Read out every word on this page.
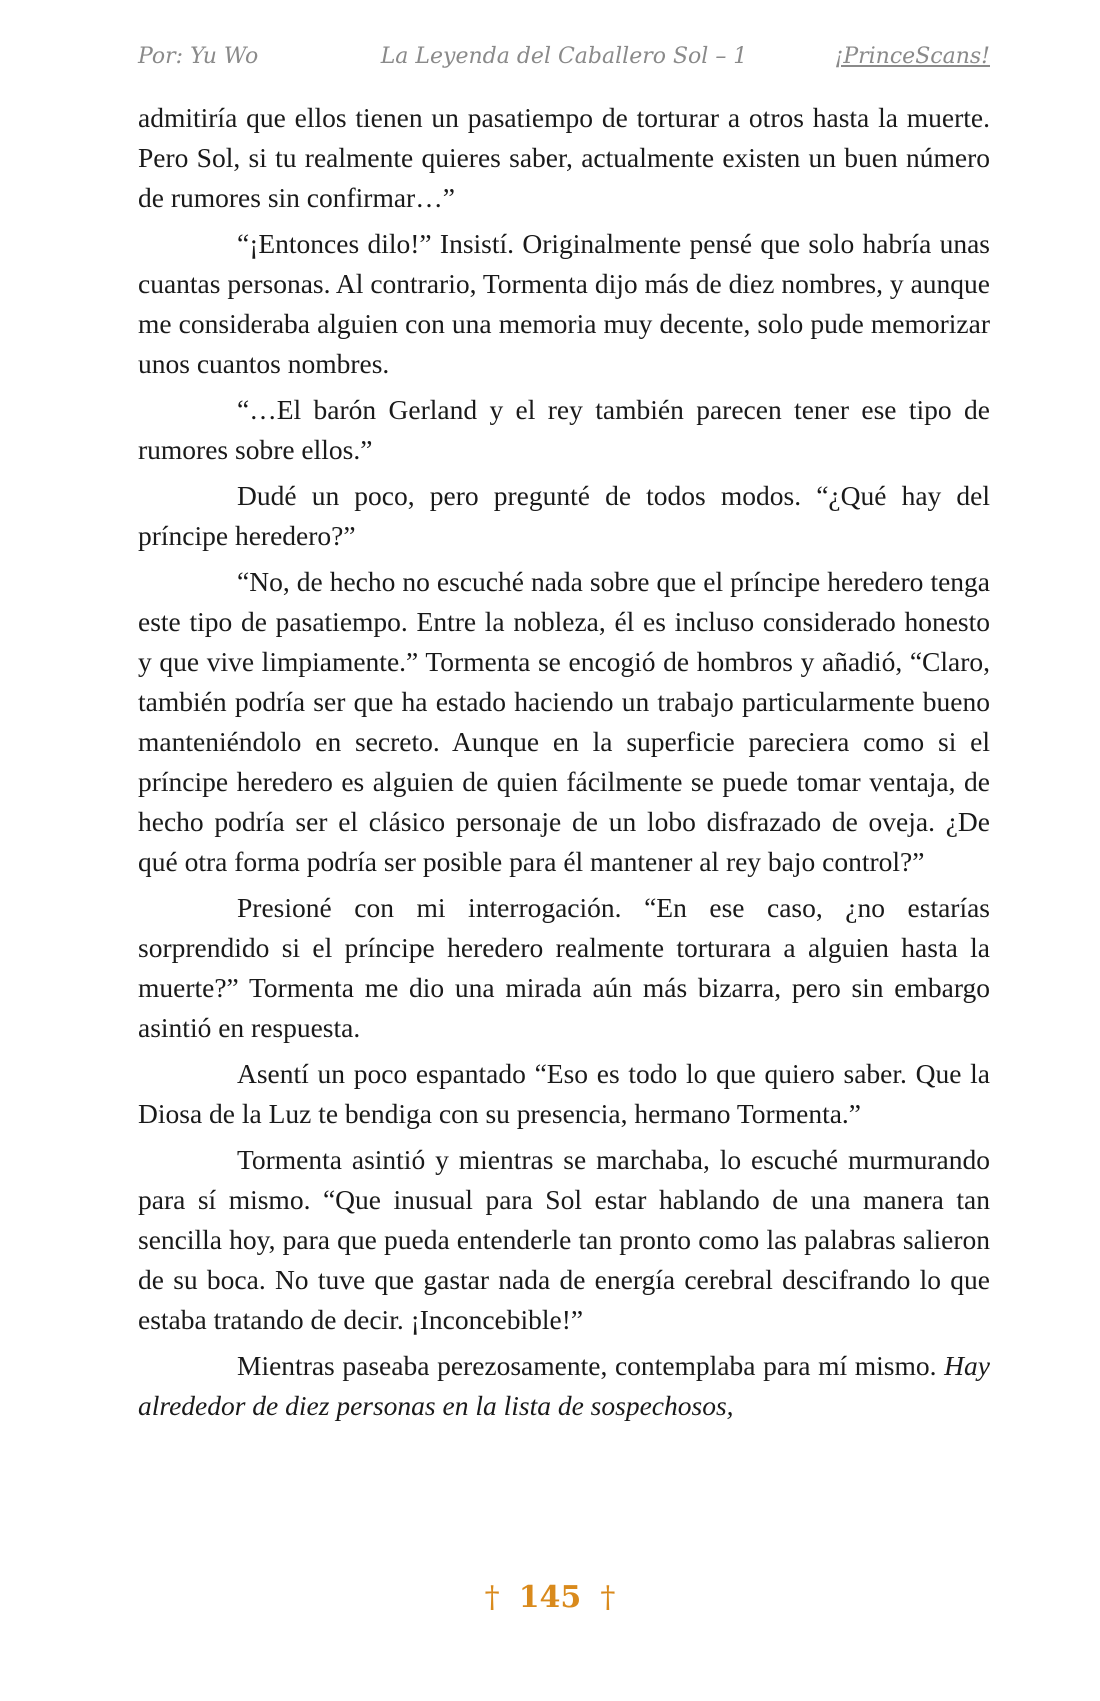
Por: Yu Wo	La Leyenda del Caballero Sol – 1	¡PrinceScans!

admitiría que ellos tienen un pasatiempo de torturar a otros hasta la muerte. Pero Sol, si tu realmente quieres saber, actualmente existen un buen número de rumores sin confirmar…”

“¡Entonces dilo!” Insistí. Originalmente pensé que solo habría unas cuantas personas. Al contrario, Tormenta dijo más de diez nombres, y aunque me consideraba alguien con una memoria muy decente, solo pude memorizar unos cuantos nombres.

“…El barón Gerland y el rey también parecen tener ese tipo de rumores sobre ellos.”

Dudé un poco, pero pregunté de todos modos. “¿Qué hay del príncipe heredero?”

“No, de hecho no escuché nada sobre que el príncipe heredero tenga este tipo de pasatiempo. Entre la nobleza, él es incluso considerado honesto y que vive limpiamente.” Tormenta se encogió de hombros y añadió, “Claro, también podría ser que ha estado haciendo un trabajo particularmente bueno manteniéndolo en secreto. Aunque en la superficie pareciera como si el príncipe heredero es alguien de quien fácilmente se puede tomar ventaja, de hecho podría ser el clásico personaje de un lobo disfrazado de oveja. ¿De qué otra forma podría ser posible para él mantener al rey bajo control?”

Presioné con mi interrogación. “En ese caso, ¿no estarías sorprendido si el príncipe heredero realmente torturara a alguien hasta la muerte?” Tormenta me dio una mirada aún más bizarra, pero sin embargo asintió en respuesta.

Asentí un poco espantado “Eso es todo lo que quiero saber. Que la Diosa de la Luz te bendiga con su presencia, hermano Tormenta.”

Tormenta asintió y mientras se marchaba, lo escuché murmurando para sí mismo. “Que inusual para Sol estar hablando de una manera tan sencilla hoy, para que pueda entenderle tan pronto como las palabras salieron de su boca. No tuve que gastar nada de energía cerebral descifrando lo que estaba tratando de decir. ¡Inconcebible!”

Mientras paseaba perezosamente, contemplaba para mí mismo. Hay alrededor de diez personas en la lista de sospechosos,

† 145 †
